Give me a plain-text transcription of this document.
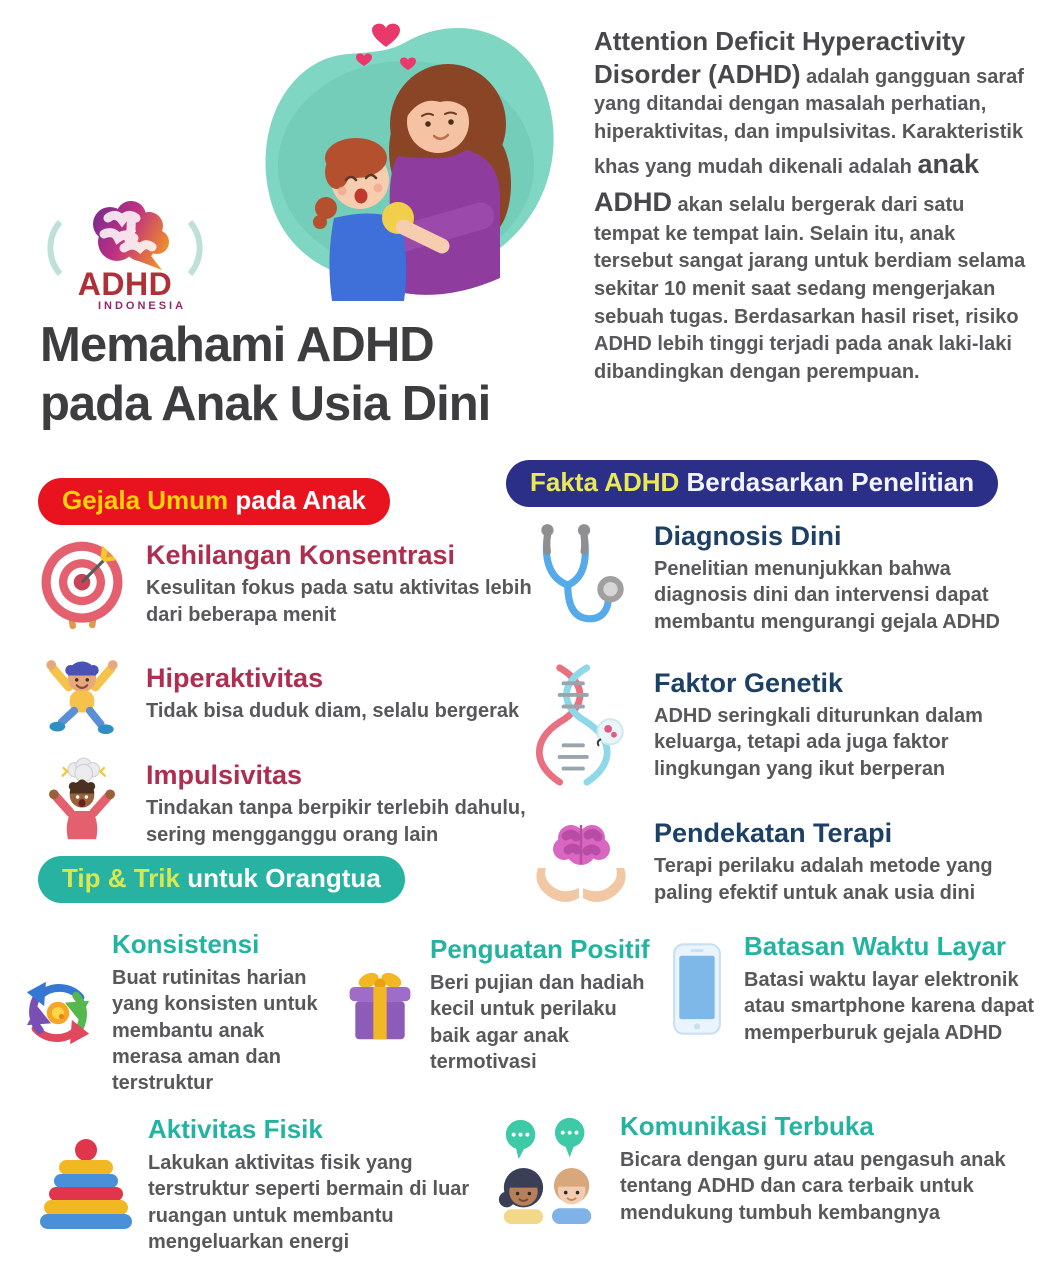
ADHD
INDONESIA
Attention Deficit Hyperactivity Disorder (ADHD) adalah gangguan saraf yang ditandai dengan masalah perhatian, hiperaktivitas, dan impulsivitas. Karakteristik khas yang mudah dikenali adalah anak ADHD akan selalu bergerak dari satu tempat ke tempat lain. Selain itu, anak tersebut sangat jarang untuk berdiam selama sekitar 10 menit saat sedang mengerjakan sebuah tugas. Berdasarkan hasil riset, risiko ADHD lebih tinggi terjadi pada anak laki-laki dibandingkan dengan perempuan.
Memahami ADHD
pada Anak Usia Dini
Gejala Umum pada Anak
Kehilangan Konsentrasi
Kesulitan fokus pada satu aktivitas lebih dari beberapa menit
Hiperaktivitas
Tidak bisa duduk diam, selalu bergerak
Impulsivitas
Tindakan tanpa berpikir terlebih dahulu, sering mengganggu orang lain
Fakta ADHD Berdasarkan Penelitian
Diagnosis Dini
Penelitian menunjukkan bahwa diagnosis dini dan intervensi dapat membantu mengurangi gejala ADHD
Faktor Genetik
ADHD seringkali diturunkan dalam keluarga, tetapi ada juga faktor lingkungan yang ikut berperan
Pendekatan Terapi
Terapi perilaku adalah metode yang paling efektif untuk anak usia dini
Tip & Trik untuk Orangtua
Konsistensi
Buat rutinitas harian yang konsisten untuk membantu anak merasa aman dan terstruktur
Penguatan Positif
Beri pujian dan hadiah kecil untuk perilaku baik agar anak termotivasi
Batasan Waktu Layar
Batasi waktu layar elektronik atau smartphone karena dapat memperburuk gejala ADHD
Aktivitas Fisik
Lakukan aktivitas fisik yang terstruktur seperti bermain di luar ruangan untuk membantu mengeluarkan energi
Komunikasi Terbuka
Bicara dengan guru atau pengasuh anak tentang ADHD dan cara terbaik untuk mendukung tumbuh kembangnya
